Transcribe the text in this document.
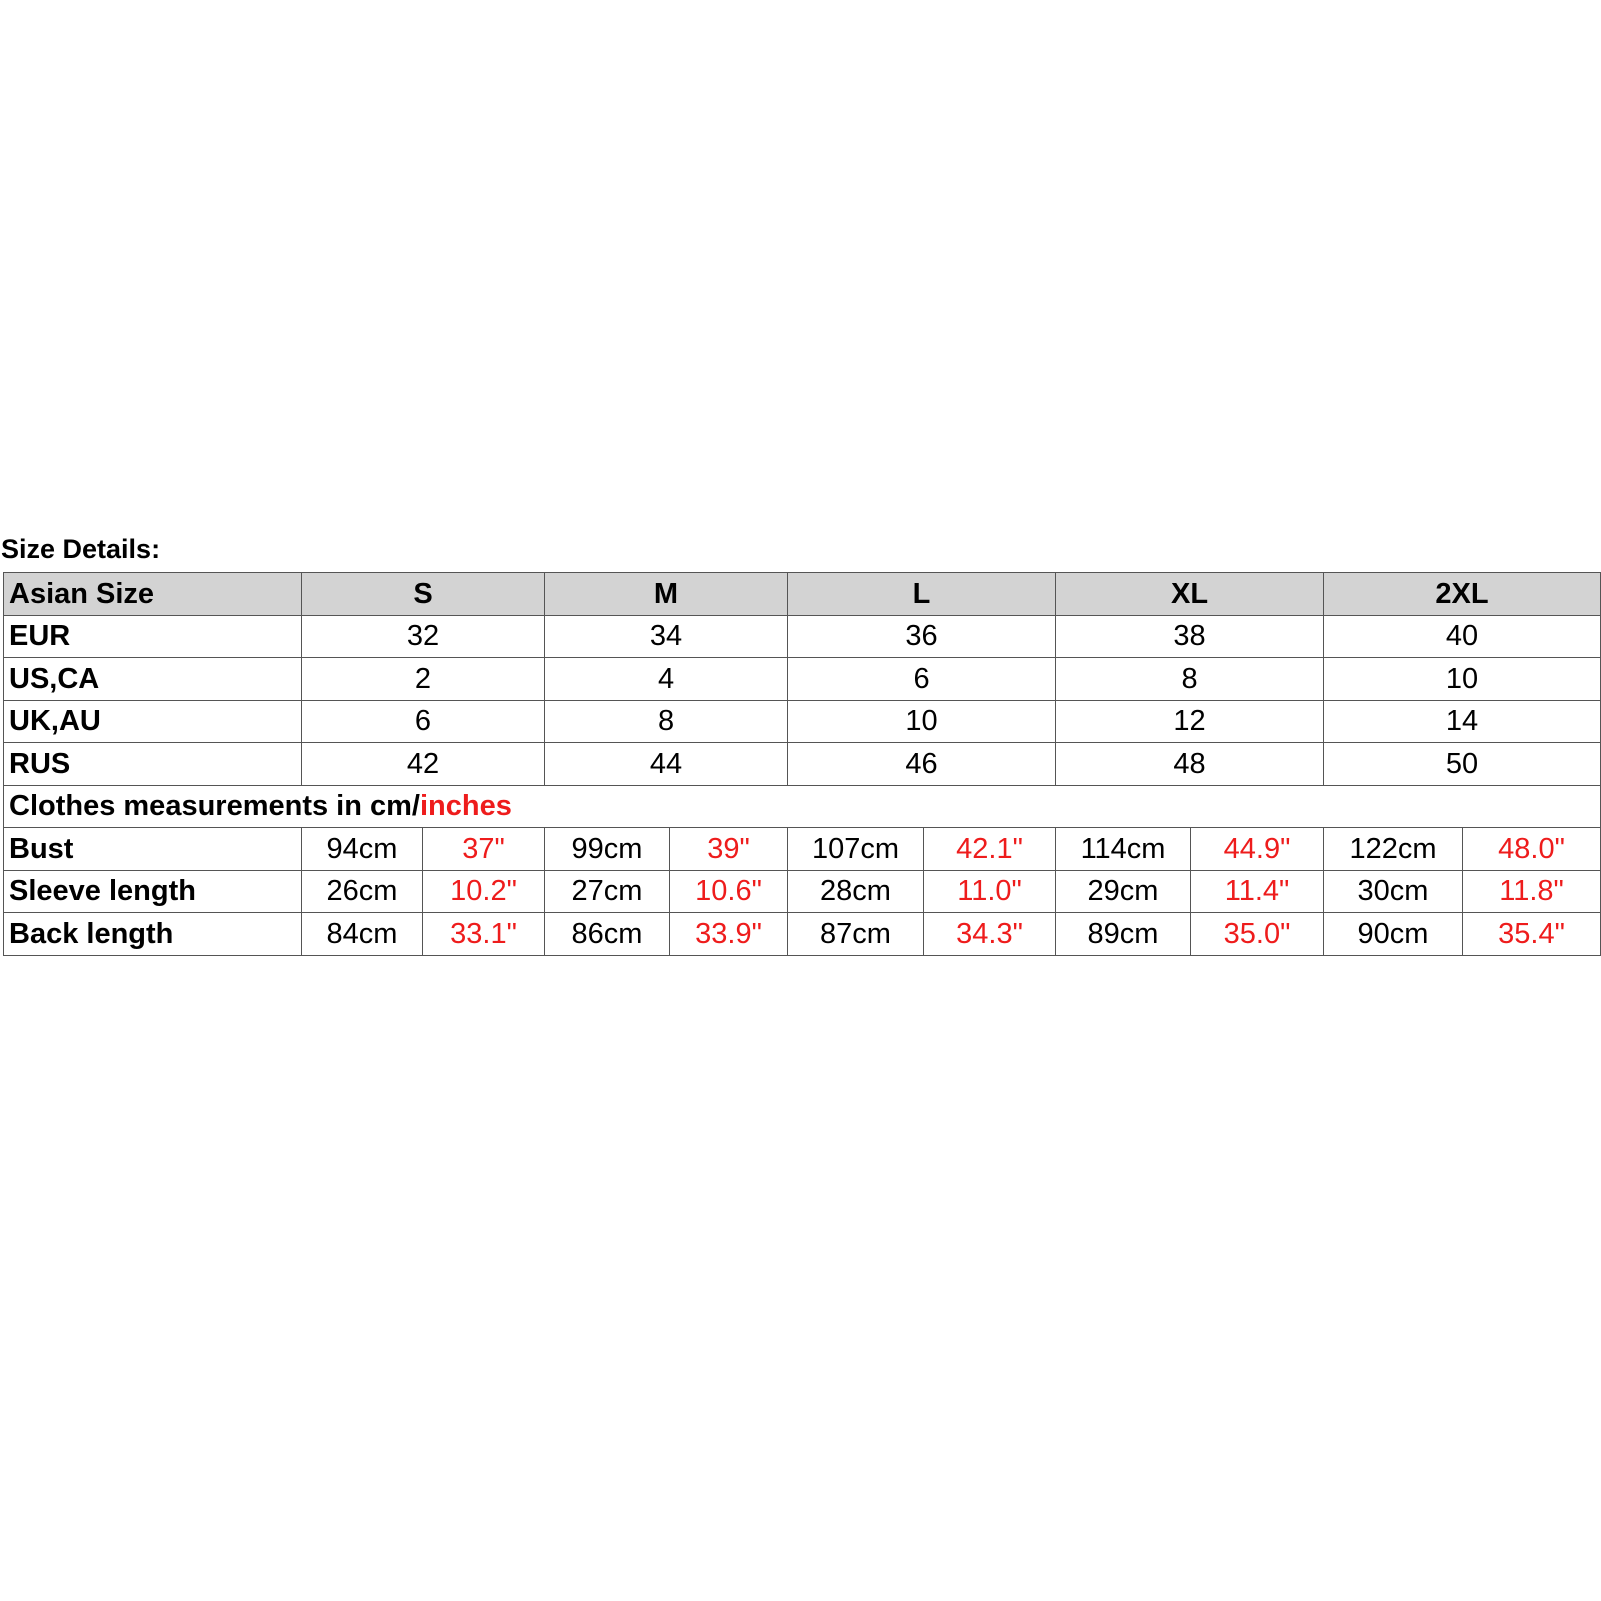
Size Details:
Asian Size	S		M		L		XL		2XL	
EUR	32		34		36		38		40	
US,CA	2		4		6		8		10	
UK,AU	6		8		10		12		14	
RUS	42		44		46		48		50	
Clothes measurements in cm/inches										
Bust	94cm	37"	99cm	39"	107cm	42.1"	114cm	44.9"	122cm	48.0"
Sleeve length	26cm	10.2"	27cm	10.6"	28cm	11.0"	29cm	11.4"	30cm	11.8"
Back length	84cm	33.1"	86cm	33.9"	87cm	34.3"	89cm	35.0"	90cm	35.4"
